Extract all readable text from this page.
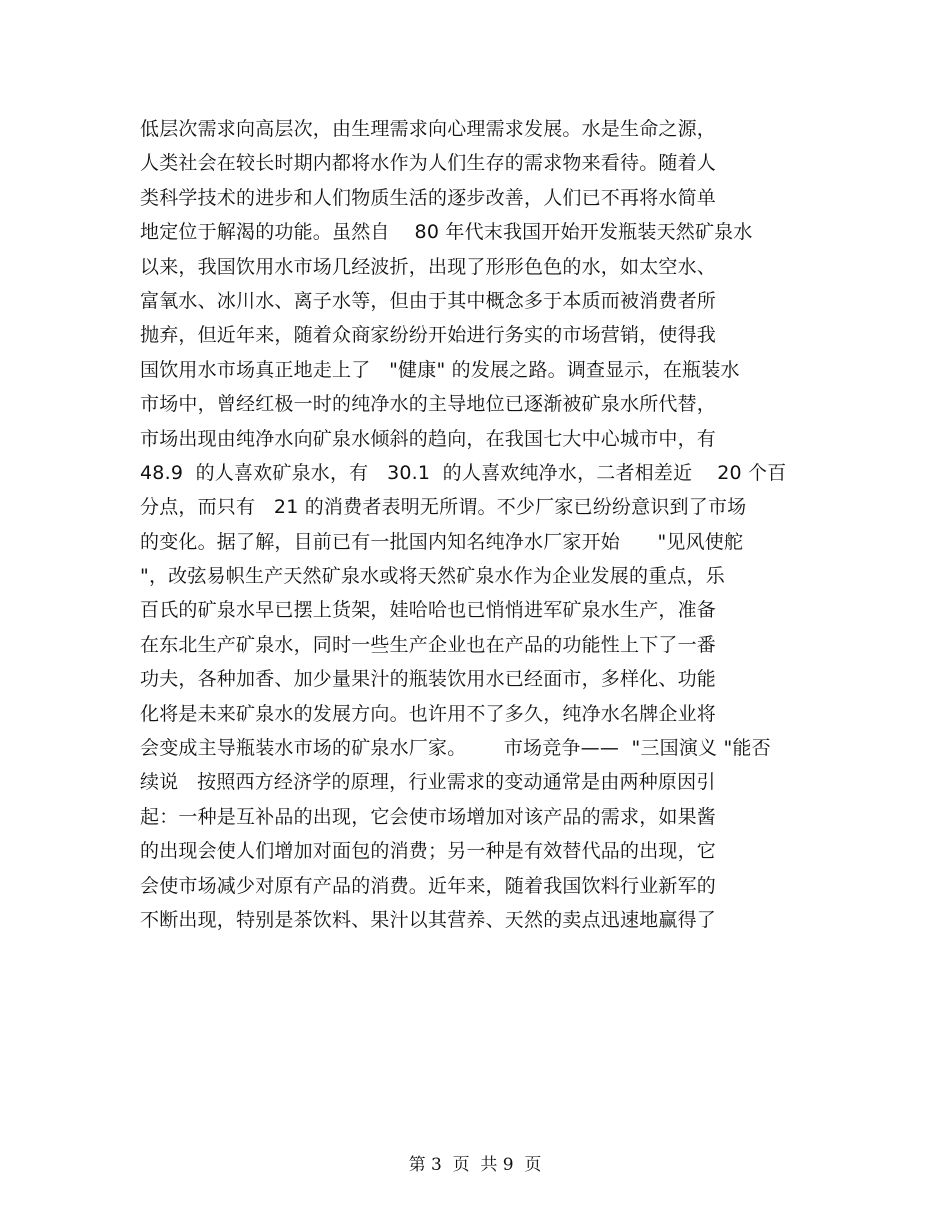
低层次需求向高层次，由生理需求向心理需求发展。水是生命之源，
人类社会在较长时期内都将水作为人们生存的需求物来看待。随着人
类科学技术的进步和人们物质生活的逐步改善，人们已不再将水简单
地定位于解渴的功能。虽然自    80 年代末我国开始开发瓶装天然矿泉水
以来，我国饮用水市场几经波折，出现了形形色色的水，如太空水、
富氧水、冰川水、离子水等，但由于其中概念多于本质而被消费者所
抛弃，但近年来，随着众商家纷纷开始进行务实的市场营销，使得我
国饮用水市场真正地走上了   "健康" 的发展之路。调查显示，在瓶装水
市场中，曾经红极一时的纯净水的主导地位已逐渐被矿泉水所代替，
市场出现由纯净水向矿泉水倾斜的趋向，在我国七大中心城市中，有
48.9  的人喜欢矿泉水，有   30.1  的人喜欢纯净水，二者相差近    20 个百
分点，而只有   21 的消费者表明无所谓。不少厂家已纷纷意识到了市场
的变化。据了解，目前已有一批国内知名纯净水厂家开始      "见风使舵
"，改弦易帜生产天然矿泉水或将天然矿泉水作为企业发展的重点，乐
百氏的矿泉水早已摆上货架，娃哈哈也已悄悄进军矿泉水生产，准备
在东北生产矿泉水，同时一些生产企业也在产品的功能性上下了一番
功夫，各种加香、加少量果汁的瓶装饮用水已经面市，多样化、功能
化将是未来矿泉水的发展方向。也许用不了多久，纯净水名牌企业将
会变成主导瓶装水市场的矿泉水厂家。      市场竞争——  "三国演义 "能否
续说   按照西方经济学的原理，行业需求的变动通常是由两种原因引
起：一种是互补品的出现，它会使市场增加对该产品的需求，如果酱
的出现会使人们增加对面包的消费；另一种是有效替代品的出现，它
会使市场减少对原有产品的消费。近年来，随着我国饮料行业新军的
不断出现，特别是茶饮料、果汁以其营养、天然的卖点迅速地赢得了
第 3  页  共 9  页
